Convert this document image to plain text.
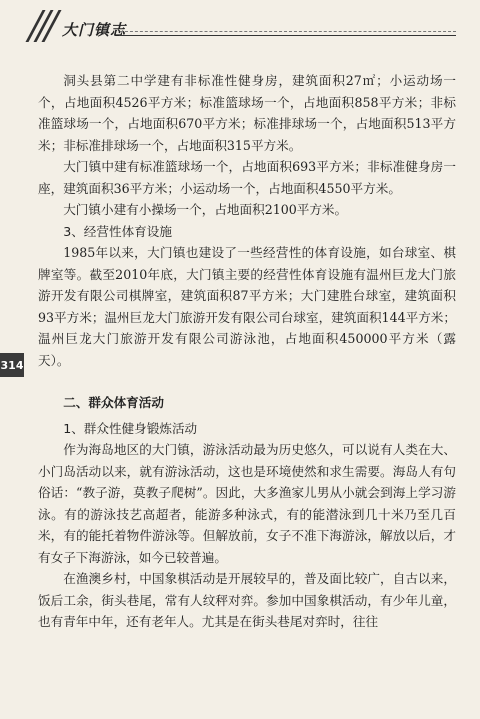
大门镇志
314

洞头县第二中学建有非标准性健身房，建筑面积27㎡；小运动场一个，占地面积4526平方米；标准篮球场一个，占地面积858平方米；非标准篮球场一个，占地面积670平方米；标准排球场一个，占地面积513平方米；非标准排球场一个，占地面积315平方米。

大门镇中建有标准篮球场一个，占地面积693平方米；非标准健身房一座，建筑面积36平方米；小运动场一个，占地面积4550平方米。

大门镇小建有小操场一个，占地面积2100平方米。

3、经营性体育设施

1985年以来，大门镇也建设了一些经营性的体育设施，如台球室、棋牌室等。截至2010年底，大门镇主要的经营性体育设施有温州巨龙大门旅游开发有限公司棋牌室，建筑面积87平方米；大门建胜台球室，建筑面积93平方米；温州巨龙大门旅游开发有限公司台球室，建筑面积144平方米；温州巨龙大门旅游开发有限公司游泳池，占地面积450000平方米（露天）。

二、群众体育活动

1、群众性健身锻炼活动

作为海岛地区的大门镇，游泳活动最为历史悠久，可以说有人类在大、小门岛活动以来，就有游泳活动，这也是环境使然和求生需要。海岛人有句俗话：“教子游，莫教子爬树”。因此，大多渔家儿男从小就会到海上学习游泳。有的游泳技艺高超者，能游多种泳式，有的能潜泳到几十米乃至几百米，有的能托着物件游泳等。但解放前，女子不准下海游泳，解放以后，才有女子下海游泳，如今已较普遍。

在渔澳乡村，中国象棋活动是开展较早的，普及面比较广，自古以来，饭后工余，街头巷尾，常有人纹秤对弈。参加中国象棋活动，有少年儿童，也有青年中年，还有老年人。尤其是在街头巷尾对弈时，往往
